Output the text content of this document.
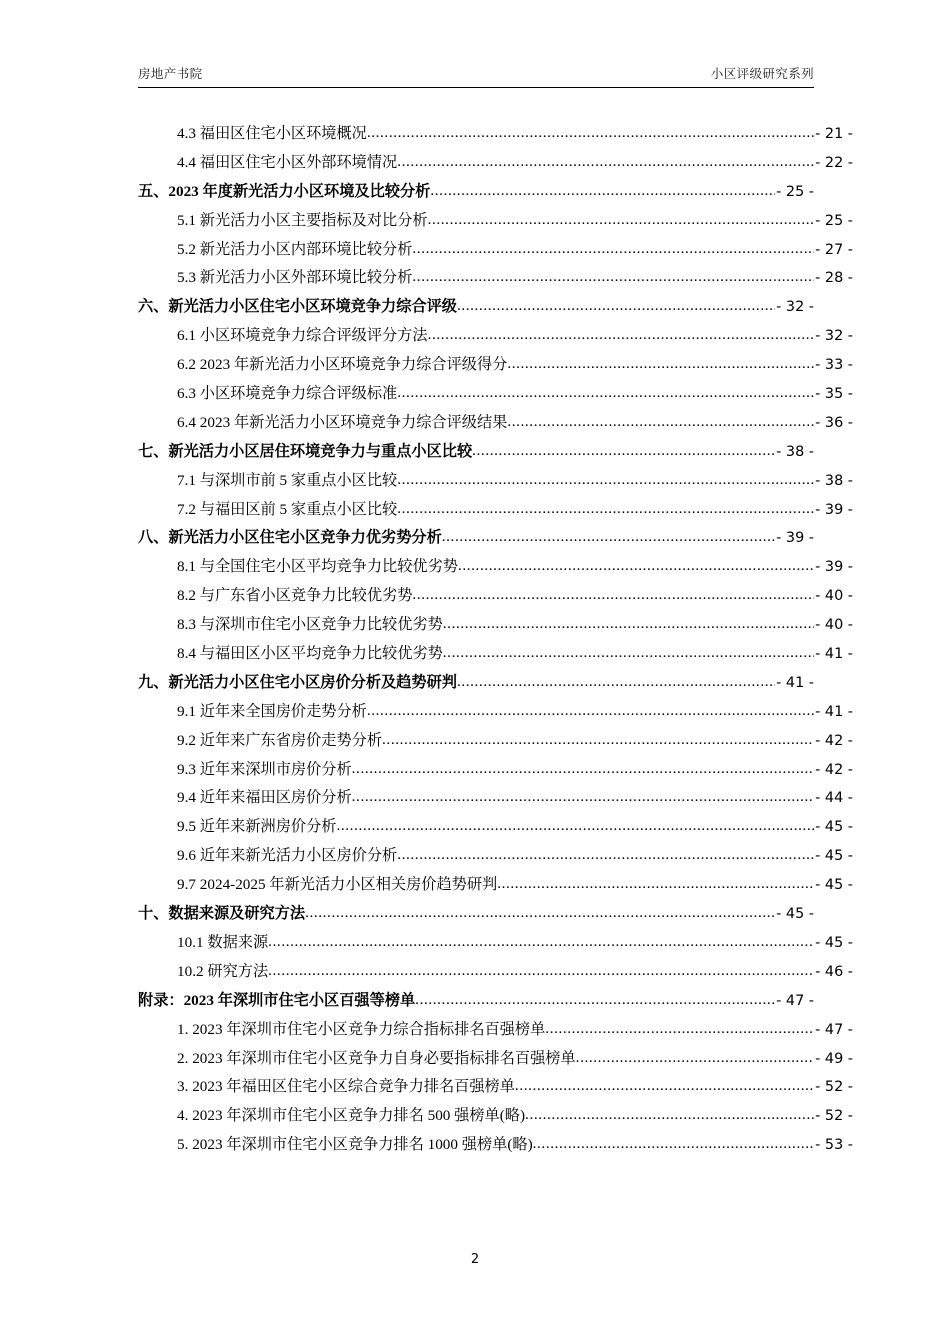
房地产书院	小区评级研究系列
4.3 福田区住宅小区环境概况 .....	- 21 -
4.4 福田区住宅小区外部环境情况 .....	- 22 -
五、2023 年度新光活力小区环境及比较分析 .....	- 25 -
5.1 新光活力小区主要指标及对比分析 .....	- 25 -
5.2 新光活力小区内部环境比较分析 .....	- 27 -
5.3 新光活力小区外部环境比较分析 .....	- 28 -
六、新光活力小区住宅小区环境竞争力综合评级 .....	- 32 -
6.1 小区环境竞争力综合评级评分方法 .....	- 32 -
6.2 2023 年新光活力小区环境竞争力综合评级得分 .....	- 33 -
6.3 小区环境竞争力综合评级标准 .....	- 35 -
6.4 2023 年新光活力小区环境竞争力综合评级结果 .....	- 36 -
七、新光活力小区居住环境竞争力与重点小区比较 .....	- 38 -
7.1 与深圳市前 5 家重点小区比较 .....	- 38 -
7.2 与福田区前 5 家重点小区比较 .....	- 39 -
八、新光活力小区住宅小区竞争力优劣势分析 .....	- 39 -
8.1 与全国住宅小区平均竞争力比较优劣势 .....	- 39 -
8.2 与广东省小区竞争力比较优劣势 .....	- 40 -
8.3 与深圳市住宅小区竞争力比较优劣势 .....	- 40 -
8.4 与福田区小区平均竞争力比较优劣势 .....	- 41 -
九、新光活力小区住宅小区房价分析及趋势研判 .....	- 41 -
9.1 近年来全国房价走势分析 .....	- 41 -
9.2 近年来广东省房价走势分析 .....	- 42 -
9.3 近年来深圳市房价分析 .....	- 42 -
9.4 近年来福田区房价分析 .....	- 44 -
9.5 近年来新洲房价分析 .....	- 45 -
9.6 近年来新光活力小区房价分析 .....	- 45 -
9.7 2024-2025 年新光活力小区相关房价趋势研判 .....	- 45 -
十、数据来源及研究方法 .....	- 45 -
10.1 数据来源 .....	- 45 -
10.2 研究方法 .....	- 46 -
附录：2023 年深圳市住宅小区百强等榜单 .....	- 47 -
1. 2023 年深圳市住宅小区竞争力综合指标排名百强榜单 .....	- 47 -
2. 2023 年深圳市住宅小区竞争力自身必要指标排名百强榜单 .....	- 49 -
3. 2023 年福田区住宅小区综合竞争力排名百强榜单 .....	- 52 -
4. 2023 年深圳市住宅小区竞争力排名 500 强榜单(略) .....	- 52 -
5. 2023 年深圳市住宅小区竞争力排名 1000 强榜单(略) .....	- 53 -
2
